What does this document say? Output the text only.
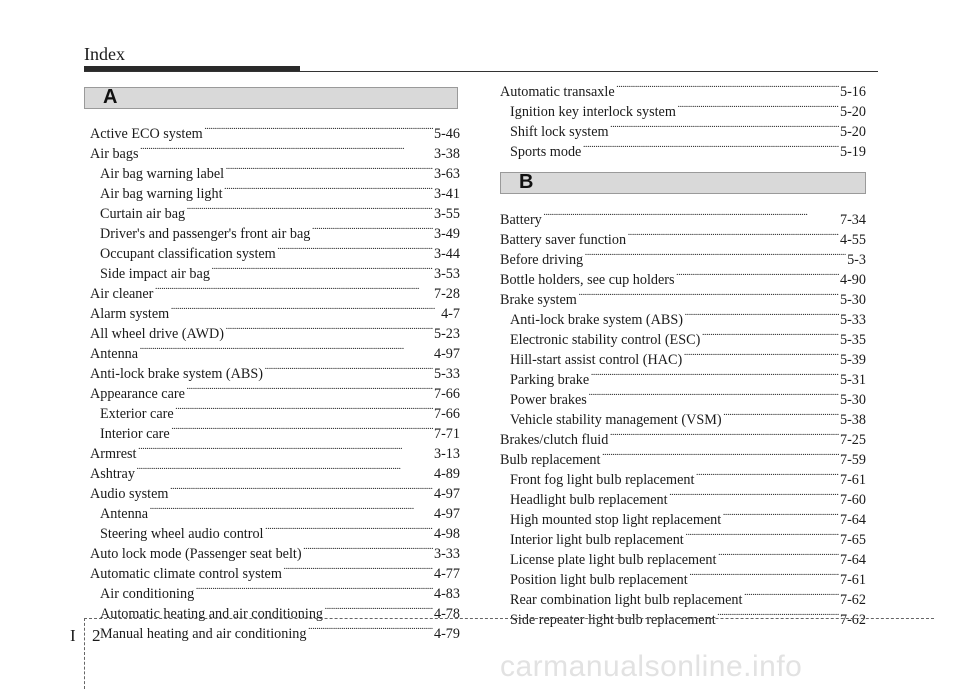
Index
A
B
Active ECO system ·····	5-46
Air bags ·····	3-38
Air bag warning label ·····	3-63
Air bag warning light ·····	3-41
Curtain air bag ·····	3-55
Driver's and passenger's front air bag ·····	3-49
Occupant classification system ·····	3-44
Side impact air bag ·····	3-53
Air cleaner ·····	7-28
Alarm system ·····	4-7
All wheel drive (AWD) ·····	5-23
Antenna ·····	4-97
Anti-lock brake system (ABS) ·····	5-33
Appearance care ·····	7-66
Exterior care ·····	7-66
Interior care ·····	7-71
Armrest ·····	3-13
Ashtray ·····	4-89
Audio system ·····	4-97
Antenna ·····	4-97
Steering wheel audio control ·····	4-98
Auto lock mode (Passenger seat belt) ·····	3-33
Automatic climate control system ·····	4-77
Air conditioning ·····	4-83
Automatic heating and air conditioning ·····	4-78
Manual heating and air conditioning ·····	4-79
Automatic transaxle ·····	5-16
Ignition key interlock system ·····	5-20
Shift lock system ·····	5-20
Sports mode ·····	5-19
Battery ·····	7-34
Battery saver function ·····	4-55
Before driving ·····	5-3
Bottle holders, see cup holders ·····	4-90
Brake system ·····	5-30
Anti-lock brake system (ABS) ·····	5-33
Electronic stability control (ESC) ·····	5-35
Hill-start assist control (HAC) ·····	5-39
Parking brake ·····	5-31
Power brakes ·····	5-30
Vehicle stability management (VSM) ·····	5-38
Brakes/clutch fluid ·····	7-25
Bulb replacement ·····	7-59
Front fog light bulb replacement ·····	7-61
Headlight bulb replacement ·····	7-60
High mounted stop light replacement ·····	7-64
Interior light bulb replacement ·····	7-65
License plate light bulb replacement ·····	7-64
Position light bulb replacement ·····	7-61
Rear combination light bulb replacement ·····	7-62
Side repeater light bulb replacement ·····	7-62
I 2
carmanualsonline.info
